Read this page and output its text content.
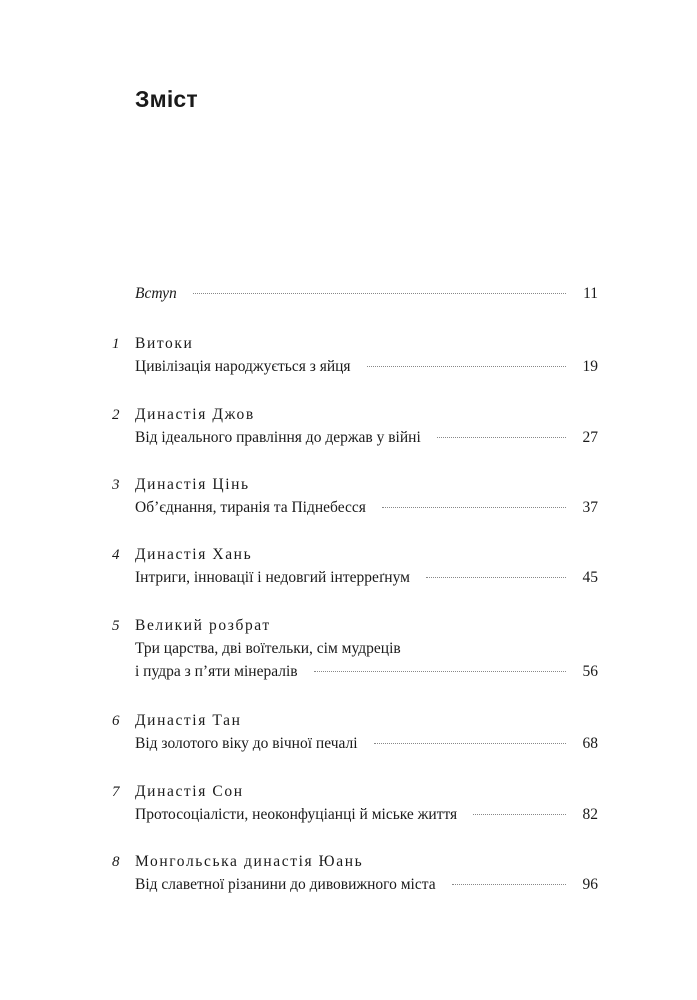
Зміст
Вступ	11
1	Витоки
Цивілізація народжується з яйця	19
2	Династія Джов
Від ідеального правління до держав у війні	27
3	Династія Цінь
Об’єднання, тиранія та Піднебесся	37
4	Династія Хань
Інтриги, інновації і недовгий інтерреґнум	45
5	Великий розбрат
Три царства, дві воїтельки, сім мудреців
і пудра з п’яти мінералів	56
6	Династія Тан
Від золотого віку до вічної печалі	68
7	Династія Сон
Протосоціалісти, неоконфуціанці й міське життя	82
8	Монгольська династія Юань
Від славетної різанини до дивовижного міста	96
